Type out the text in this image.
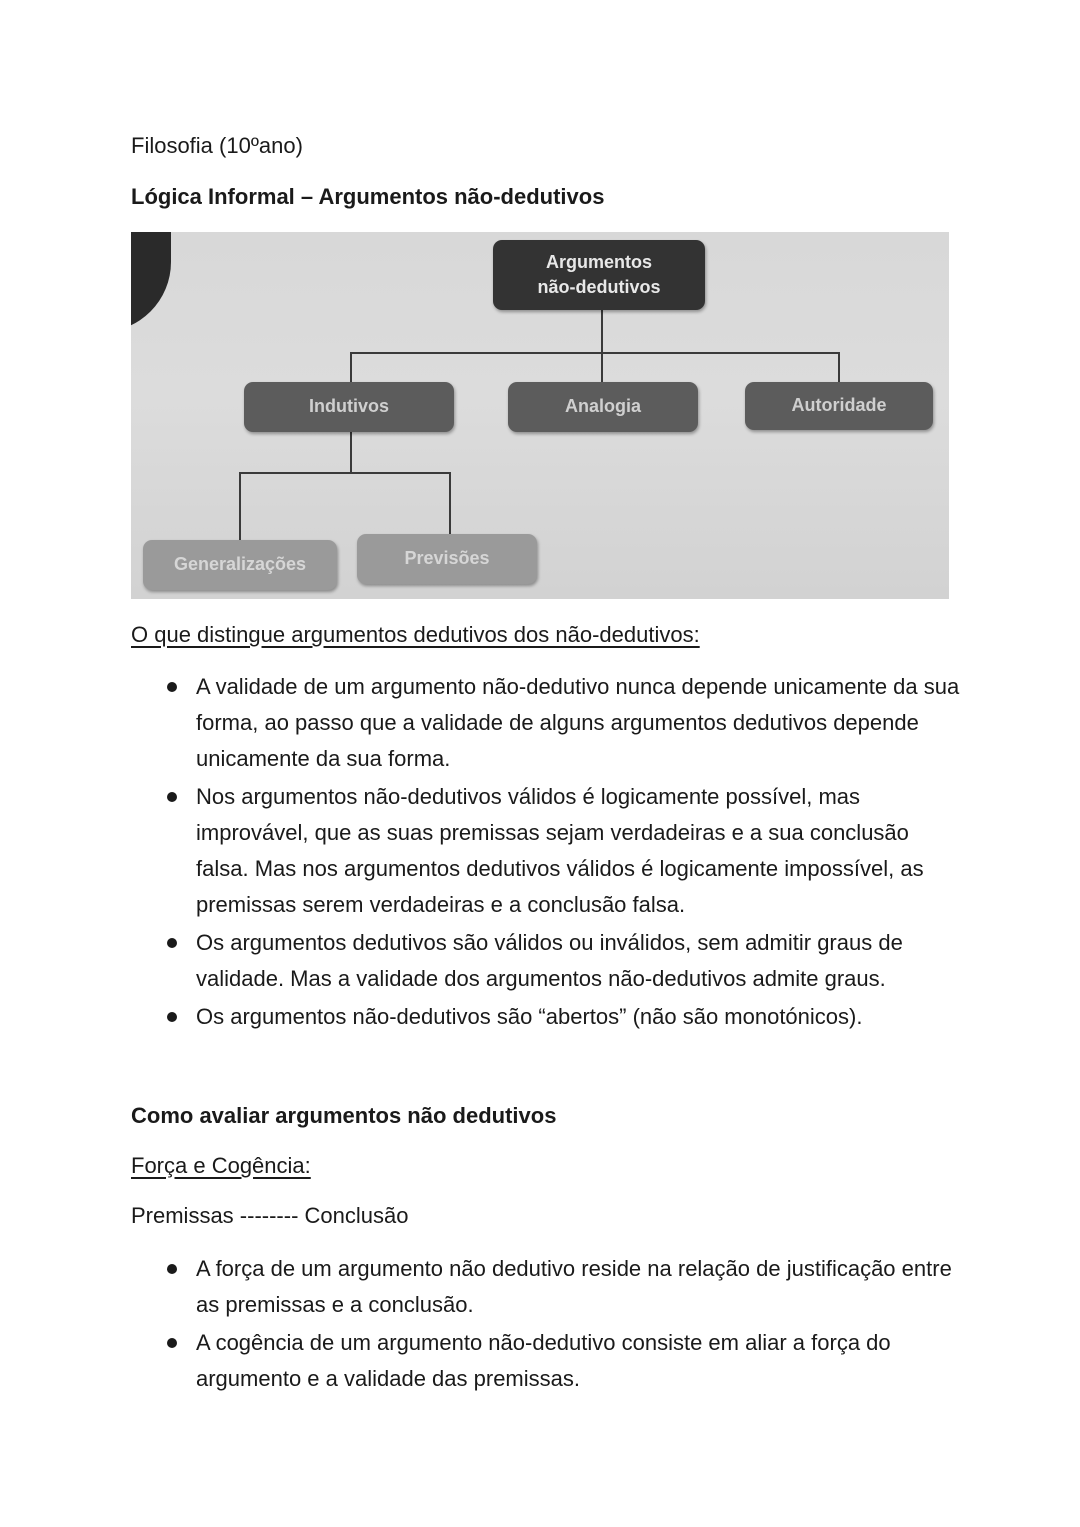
Filosofia (10ºano)

Lógica Informal – Argumentos não-dedutivos

Argumentos
não-dedutivos
Indutivos	Analogia	Autoridade
Generalizações	Previsões

O que distingue argumentos dedutivos dos não-dedutivos:

A validade de um argumento não-dedutivo nunca depende unicamente da sua forma, ao passo que a validade de alguns argumentos dedutivos depende unicamente da sua forma.
Nos argumentos não-dedutivos válidos é logicamente possível, mas improvável, que as suas premissas sejam verdadeiras e a sua conclusão falsa. Mas nos argumentos dedutivos válidos é logicamente impossível, as premissas serem verdadeiras e a conclusão falsa.
Os argumentos dedutivos são válidos ou inválidos, sem admitir graus de validade. Mas a validade dos argumentos não-dedutivos admite graus.
Os argumentos não-dedutivos são “abertos” (não são monotónicos).

Como avaliar argumentos não dedutivos

Força e Cogência:

Premissas -------- Conclusão

A força de um argumento não dedutivo reside na relação de justificação entre as premissas e a conclusão.
A cogência de um argumento não-dedutivo consiste em aliar a força do argumento e a validade das premissas.
